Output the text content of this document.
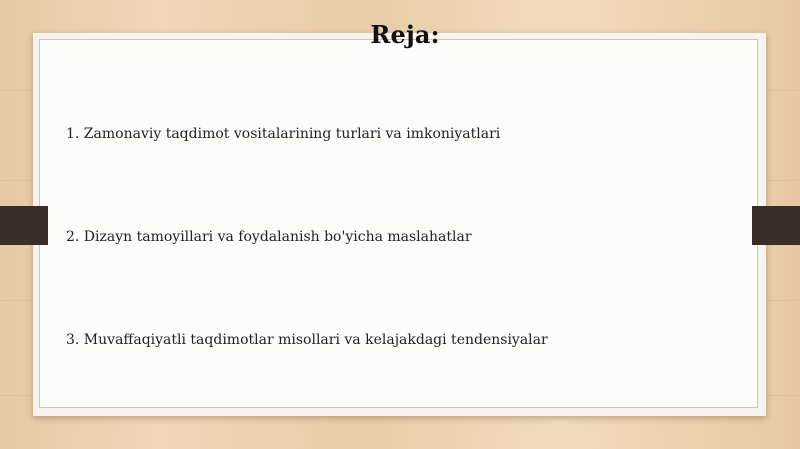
Reja:
1. Zamonaviy taqdimot vositalarining turlari va imkoniyatlari
2. Dizayn tamoyillari va foydalanish bo'yicha maslahatlar
3. Muvaffaqiyatli taqdimotlar misollari va kelajakdagi tendensiyalar
